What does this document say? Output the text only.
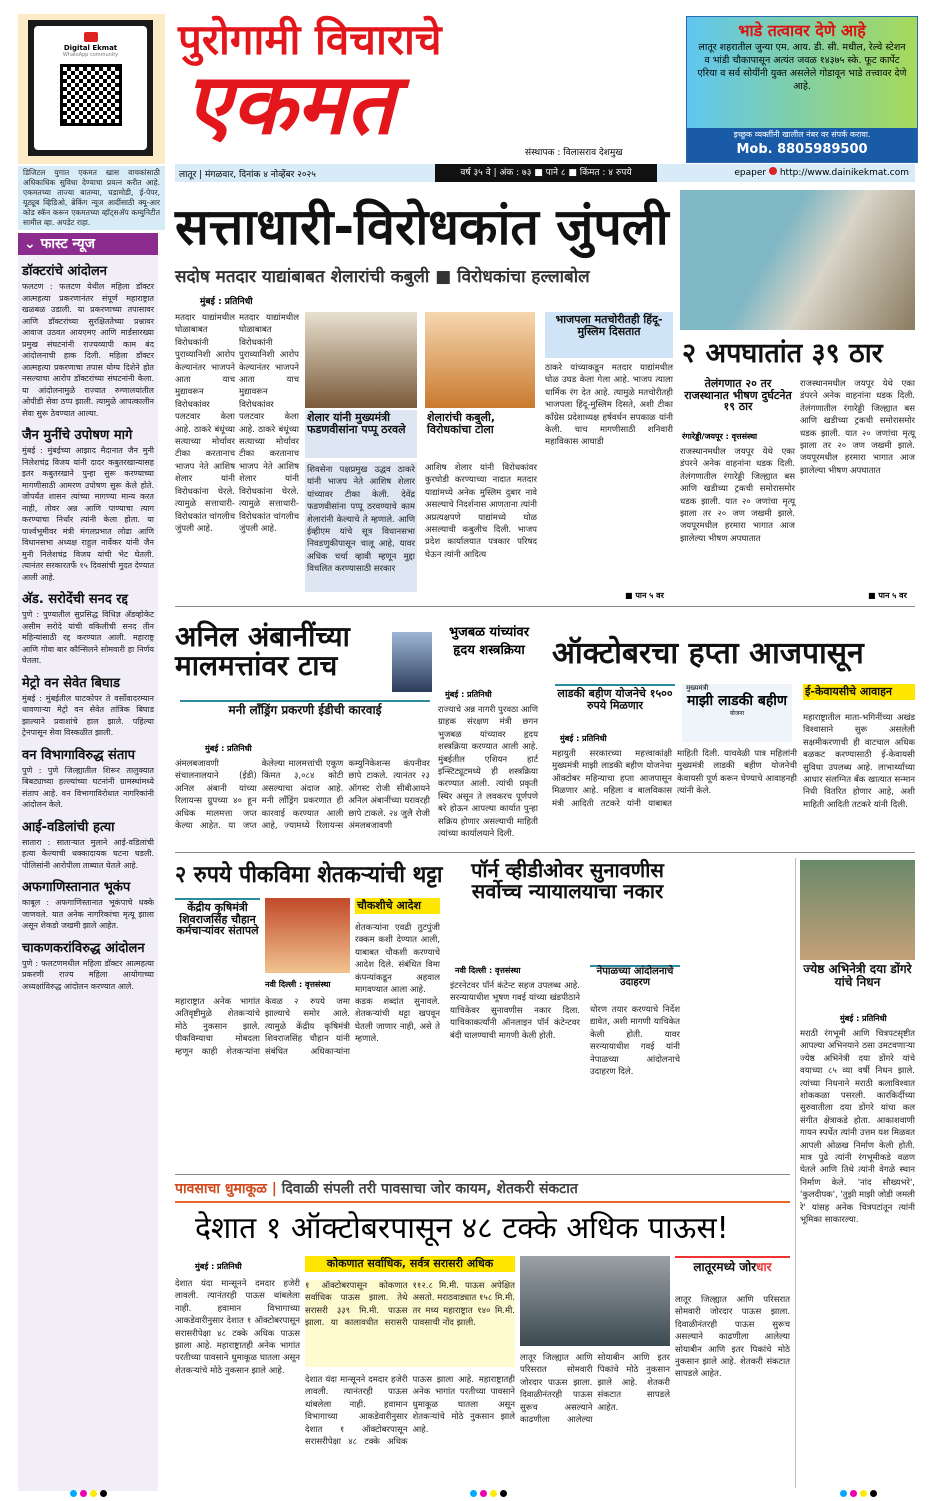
Digital Ekmat
WhatsApp community
डिजिटल युगात एकमत खास वाचकांसाठी अधिकाधिक सुविधा देण्याचा प्रयत्न करीत आहे. एकमतच्या ताज्या बातम्या, घडामोडी, ई-पेपर, यूट्यूब व्हिडिओ, ब्रेकिंग न्यूज आदींसाठी क्यू-आर कोड स्कॅन करून एकमतच्या व्हॉट्सअ‍ॅप कम्युनिटीत सामील व्हा. अपडेट राहा.
पुरोगामी विचाराचे
एकमत	संस्थापक : विलासराव देशमुख
भाडे तत्वावर देणे आहे
लातूर शहरातील जुन्या एम. आय. डी. सी. मधील, रेल्वे स्टेशन व भांडी चौकापासून अत्यंत जवळ १४३७५ स्के. फूट कार्पेट एरिया व सर्व सोयींनी युक्त असलेले गोडावून भाडे तत्त्वावर देणे आहे.
इच्छुक व्यक्तींनी खालील नंबर वर संपर्क करावा.
Mob. 8805989500
लातूर | मंगळवार, दिनांक ४ नोव्हेंबर २०२५	वर्ष ३५ वे | अंक : ७३ ■ पाने ८ ■ किंमत : ४ रुपये	epaper http://www.dainikekmat.com
⌄ फास्ट न्यूज
डॉक्टरांचे आंदोलन

फलटण : फलटण येथील महिला डॉक्टर आत्महत्या प्रकरणानंतर संपूर्ण महाराष्ट्रात खळबळ उडाली. या प्रकरणाच्या तपासावर आणि डॉक्टरांच्या सुरक्षिततेच्या प्रश्नावर आवाज उठवत आयएमए आणि मार्डसारख्या प्रमुख संघटनांनी राज्यव्यापी काम बंद आंदोलनाची हाक दिली. महिला डॉक्टर आत्महत्या प्रकरणाचा तपास योग्य दिशेने होत नसल्याचा आरोप डॉक्टरांच्या संघटनांनी केला. या आंदोलनामुळे राज्यात रुग्णालयांतील ओपीडी सेवा ठप्प झाली. त्यामुळे आपत्कालीन सेवा सुरू ठेवण्यात आल्या.

जैन मुनींचे उपोषण मागे

मुंबई : मुंबईच्या आझाद मैदानात जैन मुनी निलेशचंद्र विजय यांनी दादर कबुतरखान्यासह इतर कबुतरखाने पुन्हा सुरू करण्याच्या मागणीसाठी आमरण उपोषण सुरू केले होते. जोपर्यंत शासन त्यांच्या मागण्या मान्य करत नाही, तोवर अन्न आणि पाण्याचा त्याग करण्याचा निर्धार त्यांनी केला होता. या पार्श्वभूमीवर मंत्री मंगलप्रभात लोढा आणि विधानसभा अध्यक्ष राहुल नार्वेकर यांनी जैन मुनी निलेशचंद्र विजय यांची भेट घेतली. त्यानंतर सरकारतर्फे १५ दिवसांची मुदत देण्यात आली आहे.

अ‍ॅड. सरोदेंची सनद रद्द

पुणे : पुण्यातील सुप्रसिद्ध विधिज्ञ अ‍ॅडव्होकेट असीम सरोदे यांची वकिलीची सनद तीन महिन्यांसाठी रद्द करण्यात आली. महाराष्ट्र आणि गोवा बार कौन्सिलने सोमवारी हा निर्णय घेतला.

मेट्रो वन सेवेत बिघाड

मुंबई : मुंबईतील घाटकोपर ते वर्सोवादरम्यान धावणाऱ्या मेट्रो वन सेवेत तांत्रिक बिघाड झाल्याने प्रवाशांचे हाल झाले. पहिल्या ट्रेनपासून सेवा विस्कळीत झाली.

वन विभागाविरुद्ध संताप

पुणे : पुणे जिल्ह्यातील शिरूर तालुक्यात बिबट्याच्या हल्ल्यांच्या घटनांनी ग्रामस्थांमध्ये संताप आहे. वन विभागाविरोधात नागरिकांनी आंदोलन केले.

आई-वडिलांची हत्या

सातारा : साताऱ्यात मुलाने आई-वडिलांची हत्या केल्याची धक्कादायक घटना घडली. पोलिसांनी आरोपीला ताब्यात घेतले आहे.

अफगाणिस्तानात भूकंप

काबूल : अफगाणिस्तानात भूकंपाचे धक्के जाणवले. यात अनेक नागरिकांचा मृत्यू झाला असून शेकडो जखमी झाले आहेत.

चाकणकरांविरुद्ध आंदोलन

पुणे : फलटणमधील महिला डॉक्टर आत्महत्या प्रकरणी राज्य महिला आयोगाच्या अध्यक्षांविरुद्ध आंदोलन करण्यात आले.

सत्ताधारी-विरोधकांत जुंपली
सदोष मतदार याद्यांबाबत शेलारांची कबुली ■ विरोधकांचा हल्लाबोल
मुंबई : प्रतिनिधी
मतदार याद्यांमधील घोळाबाबत विरोधकांनी पुराव्यानिशी आरोप केल्यानंतर भाजपने आता याच मुद्यावरून विरोधकांवर पलटवार केला आहे. ठाकरे बंधूंच्या सत्याच्या मोर्चावर टीका करतानाच भाजप नेते आशिष शेलार यांनी विरोधकांना घेरले. त्यामुळे सत्ताधारी-विरोधकांत चांगलीच जुंपली आहे.
मतदार याद्यांमधील घोळाबाबत विरोधकांनी पुराव्यानिशी आरोप केल्यानंतर भाजपने आता याच मुद्यावरून विरोधकांवर पलटवार केला आहे. ठाकरे बंधूंच्या सत्याच्या मोर्चावर टीका करतानाच भाजप नेते आशिष शेलार यांनी विरोधकांना घेरले. त्यामुळे सत्ताधारी-विरोधकांत चांगलीच जुंपली आहे.
शेलार यांनी मुख्यमंत्री फडणवीसांना पप्पू ठरवले
शेलारांची कबुली, विरोधकांचा टोला
शिवसेना पक्षप्रमुख उद्धव ठाकरे यांनी भाजप नेते आशिष शेलार यांच्यावर टीका केली. देवेंद्र फडणवीसांना पप्पू ठरवण्याचे काम शेलारांनी केल्याचे ते म्हणाले. आणि ईव्हीएम यांचे सूत्र विधानसभा निवडणुकीपासून चालू आहे, यावर अधिक चर्चा व्हावी म्हणून मुद्दा विचलित करण्यासाठी सरकार
आशिष शेलार यांनी विरोधकांवर कुरघोडी करण्याच्या नादात मतदार याद्यांमध्ये अनेक मुस्लिम दुबार नावे असल्याचे निदर्शनास आणताना त्यांनी अप्रत्यक्षपणे याद्यांमध्ये घोळ असल्याची कबुलीच दिली. भाजप प्रदेश कार्यालयात पत्रकार परिषद घेऊन त्यांनी आदित्य
भाजपला मतचोरीतही हिंदू-मुस्लिम दिसतात
ठाकरे यांच्याकडून मतदार याद्यांमधील घोळ उघड केला गेला आहे. भाजप त्याला धार्मिक रंग देत आहे. त्यामुळे मतचोरीतही भाजपला हिंदू-मुस्लिम दिसते, अशी टीका काँग्रेस प्रदेशाध्यक्ष हर्षवर्धन सपकाळ यांनी केली. चाच मागणीसाठी शनिवारी महाविकास आघाडी
■ पान ५ वर
२ अपघातांत ३९ ठार
तेलंगणात २० तर राजस्थानात भीषण दुर्घटनेत १९ ठार
रंगारेड्डी/जयपूर : वृत्तसंस्था
राजस्थानमधील जयपूर येथे एका डंपरने अनेक वाहनांना धडक दिली. तेलंगणातील रंगारेड्डी जिल्ह्यात बस आणि खडीच्या ट्रकची समोरासमोर धडक झाली. यात २० जणांचा मृत्यू झाला तर २० जण जखमी झाले. जयपूरमधील हरमारा भागात आज झालेल्या भीषण अपघातात
राजस्थानमधील जयपूर येथे एका डंपरने अनेक वाहनांना धडक दिली. तेलंगणातील रंगारेड्डी जिल्ह्यात बस आणि खडीच्या ट्रकची समोरासमोर धडक झाली. यात २० जणांचा मृत्यू झाला तर २० जण जखमी झाले. जयपूरमधील हरमारा भागात आज झालेल्या भीषण अपघातात
■ पान ५ वर
अनिल अंबानींच्या मालमत्तांवर टाच
मनी लॉंड्रिंग प्रकरणी ईडीची कारवाई
मुंबई : प्रतिनिधी
अंमलबजावणी संचालनालयाने (ईडी) अनिल अंबानी यांच्या रिलायन्स ग्रुपच्या ४० हून अधिक मालमत्ता जप्त केल्या आहेत. या जप्त केलेल्या मालमत्तांची एकूण किंमत ३,०८४ कोटी असल्याचा अंदाज आहे. मनी लॉंड्रिंग प्रकरणात ही कारवाई करण्यात आली आहे, ज्यामध्ये रिलायन्स कम्युनिकेशन्स कंपनीवर छापे टाकले. त्यानंतर २३ ऑगस्ट रोजी सीबीआयने अनिल अंबानींच्या घरावरही छापे टाकले. २४ जुलै रोजी अंमलबजावणी
भुजबळ यांच्यांवर हृदय शस्त्रक्रिया
मुंबई : प्रतिनिधी
राज्याचे अन्न नागरी पुरवठा आणि ग्राहक संरक्षण मंत्री छगन भुजबळ यांच्यावर हृदय शस्त्रक्रिया करण्यात आली आहे. मुंबईतील एशियन हार्ट इन्स्टिट्यूटमध्ये ही शस्त्रक्रिया करण्यात आली. त्यांची प्रकृती स्थिर असून ते लवकरच पूर्णपणे बरे होऊन आपल्या कार्यात पुन्हा सक्रिय होणार असल्याची माहिती त्यांच्या कार्यालयाने दिली.
ऑक्टोबरचा हप्ता आजपासून
लाडकी बहीण योजनेचे १५०० रुपये मिळणार
मुंबई : प्रतिनिधी
महायुती सरकारच्या महत्त्वाकांक्षी मुख्यमंत्री माझी लाडकी बहीण योजनेचा ऑक्टोबर महिन्याचा हप्ता आजपासून मिळणार आहे. महिला व बालविकास मंत्री आदिती तटकरे यांनी याबाबत माहिती दिली. याचवेळी पात्र महिलांनी मुख्यमंत्री लाडकी बहीण योजनेची केवायसी पूर्ण करून घेण्याचे आवाहनही त्यांनी केले.
मुख्यमंत्री
माझी लाडकी बहीण
योजना
ई-केवायसीचे आवाहन
महाराष्ट्रातील माता-भगिनींच्या अखंड विश्वासाने सुरू असलेली सक्षमीकरणाची ही वाटचाल अधिक बळकट करण्यासाठी ई-केवायसी सुविधा उपलब्ध आहे. लाभार्थ्यांच्या आधार संलग्नित बँक खात्यात सन्मान निधी वितरित होणार आहे, अशी माहिती आदिती तटकरे यांनी दिली.
२ रुपये पीकविमा शेतकऱ्यांची थट्टा
केंद्रीय कृषिमंत्री शिवराजसिंह चौहान कर्मचाऱ्यांवर संतापले
नवी दिल्ली : वृत्तसंस्था
चौकशीचे आदेश
शेतकऱ्यांना एवढी तुटपुंजी रक्कम कशी देण्यात आली, याबाबत चौकशी करण्याचे आदेश दिले. संबंधित विमा कंपन्यांकडून अहवाल मागवण्यात आला आहे.
महाराष्ट्रात अनेक भागांत अतिवृष्टीमुळे शेतकऱ्यांचे मोठे नुकसान झाले. पीकविम्याचा मोबदला म्हणून काही शेतकऱ्यांना केवळ २ रुपये जमा झाल्याचे समोर आले. त्यामुळे केंद्रीय कृषिमंत्री शिवराजसिंह चौहान यांनी संबंधित अधिकाऱ्यांना कडक शब्दांत सुनावले. शेतकऱ्यांची थट्टा खपवून घेतली जाणार नाही, असे ते म्हणाले.
पॉर्न व्हीडीओवर सुनावणीस सर्वोच्च न्यायालयाचा नकार
नवी दिल्ली : वृत्तसंस्था
इंटरनेटवर पॉर्न कंटेन्ट सहज उपलब्ध आहे. सरन्यायाधीश भूषण गवई यांच्या खंडपीठाने याचिकेवर सुनावणीस नकार दिला. याचिकाकर्त्यांनी ऑनलाइन पॉर्न कंटेन्टवर बंदी घालण्याची मागणी केली होती.
नेपाळच्या आंदोलनाचे उदाहरण
धोरण तयार करण्याचे निर्देश द्यावेत, अशी मागणी याचिकेत केली होती. यावर सरन्यायाधीश गवई यांनी नेपाळच्या आंदोलनाचे उदाहरण दिले.
ज्येष्ठ अभिनेत्री दया डोंगरे यांचे निधन
मुंबई : प्रतिनिधी
मराठी रंगभूमी आणि चित्रपटसृष्टीत आपल्या अभिनयाने ठसा उमटवणाऱ्या ज्येष्ठ अभिनेत्री दया डोंगरे यांचे वयाच्या ८५ व्या वर्षी निधन झाले. त्यांच्या निधनाने मराठी कलाविश्वात शोककळा पसरली. कारकिर्दीच्या सुरुवातीला दया डोंगरे यांचा कल संगीत क्षेत्राकडे होता. आकाशवाणी गायन स्पर्धेत त्यांनी उत्तम यश मिळवत आपली ओळख निर्माण केली होती. मात्र पुढे त्यांनी रंगभूमीकडे वळण घेतले आणि तिथे त्यांनी वेगळे स्थान निर्माण केले. 'नांद सौख्यभरे', 'कुलदीपक', 'तुझी माझी जोडी जमली रे' यांसह अनेक चित्रपटांतून त्यांनी भूमिका साकारल्या.
पावसाचा धुमाकूळ | दिवाळी संपली तरी पावसाचा जोर कायम, शेतकरी संकटात
देशात १ ऑक्टोबरपासून ४८ टक्के अधिक पाऊस!
मुंबई : प्रतिनिधी
देशात यंदा मान्सूनने दमदार हजेरी लावली. त्यानंतरही पाऊस थांबलेला नाही. हवामान विभागाच्या आकडेवारीनुसार देशात १ ऑक्टोबरपासून सरासरीपेक्षा ४८ टक्के अधिक पाऊस झाला आहे. महाराष्ट्रातही अनेक भागांत परतीच्या पावसाने धुमाकूळ घातला असून शेतकऱ्यांचे मोठे नुकसान झाले आहे.
कोकणात सर्वाधिक, सर्वत्र सरासरी अधिक
१ ऑक्टोबरपासून कोकणात सर्वाधिक पाऊस झाला. तेथे सरासरी ३३९ मि.मी. पाऊस झाला. या कालावधीत सरासरी ११२.८ मि.मी. पाऊस अपेक्षित असतो. मराठवाड्यात १५८ मि.मी. तर मध्य महाराष्ट्रात १४० मि.मी. पावसाची नोंद झाली.
देशात यंदा मान्सूनने दमदार हजेरी लावली. त्यानंतरही पाऊस थांबलेला नाही. हवामान विभागाच्या आकडेवारीनुसार देशात १ ऑक्टोबरपासून सरासरीपेक्षा ४८ टक्के अधिक पाऊस झाला आहे. महाराष्ट्रातही अनेक भागांत परतीच्या पावसाने धुमाकूळ घातला असून शेतकऱ्यांचे मोठे नुकसान झाले आहे.
लातूर जिल्ह्यात आणि परिसरात सोमवारी जोरदार पाऊस झाला. दिवाळीनंतरही पाऊस सुरूच असल्याने काढणीला आलेल्या सोयाबीन आणि इतर पिकांचे मोठे नुकसान झाले आहे. शेतकरी संकटात सापडले आहेत.
लातूरमध्ये जोरधार
लातूर जिल्ह्यात आणि परिसरात सोमवारी जोरदार पाऊस झाला. दिवाळीनंतरही पाऊस सुरूच असल्याने काढणीला आलेल्या सोयाबीन आणि इतर पिकांचे मोठे नुकसान झाले आहे. शेतकरी संकटात सापडले आहेत.
